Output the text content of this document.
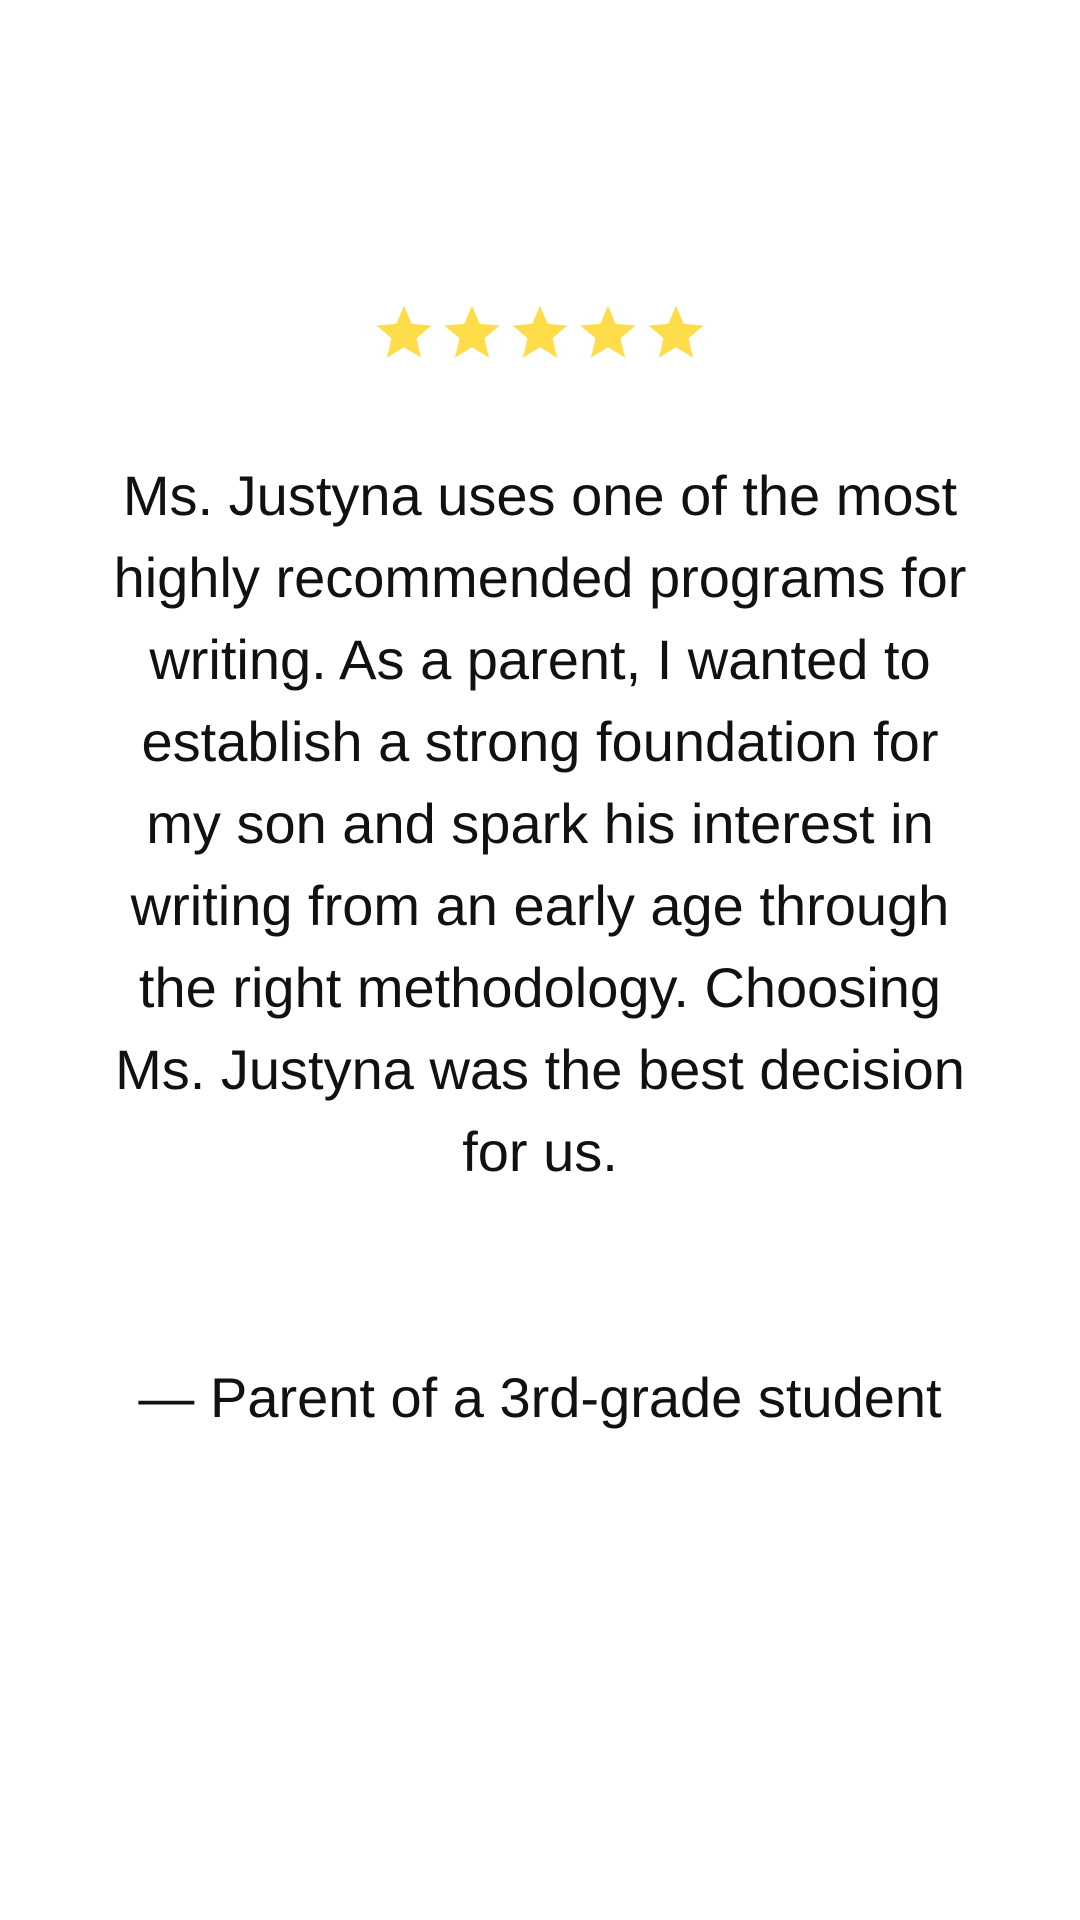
Ms. Justyna uses one of the most highly recommended programs for writing. As a parent, I wanted to establish a strong foundation for my son and spark his interest in writing from an early age through the right methodology. Choosing Ms. Justyna was the best decision for us.

— Parent of a 3rd-grade student
